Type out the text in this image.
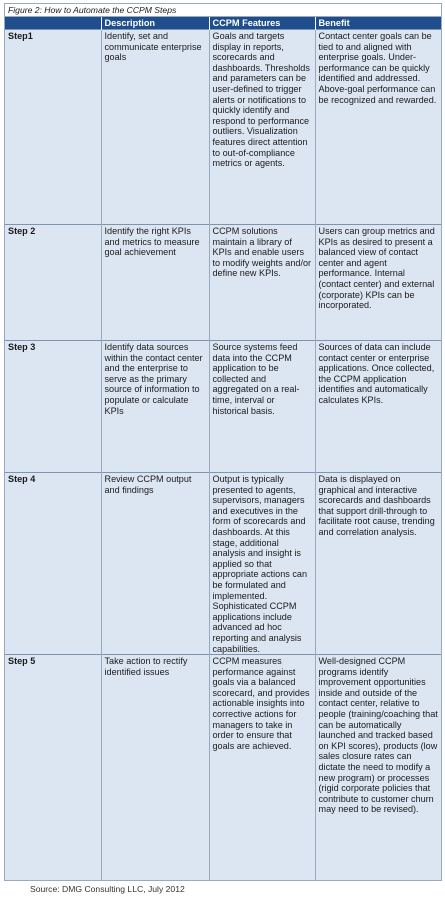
Figure 2: How to Automate the CCPM Steps
	Description	CCPM Features	Benefit
Step1	Identify, set and communicate enterprise goals	Goals and targets display in reports, scorecards and dashboards. Thresholds and parameters can be user-defined to trigger alerts or notifications to quickly identify and respond to performance outliers. Visualization features direct attention to out-of-compliance metrics or agents.	Contact center goals can be tied to and aligned with enterprise goals. Under-performance can be quickly identified and addressed. Above-goal performance can be recognized and rewarded.
Step 2	Identify the right KPIs and metrics to measure goal achievement	CCPM solutions maintain a library of KPIs and enable users to modify weights and/or define new KPIs.	Users can group metrics and KPIs as desired to present a balanced view of contact center and agent performance. Internal (contact center) and external (corporate) KPIs can be incorporated.
Step 3	Identify data sources within the contact center and the enterprise to serve as the primary source of information to populate or calculate KPIs	Source systems feed data into the CCPM application to be collected and aggregated on a real-time, interval or historical basis.	Sources of data can include contact center or enterprise applications. Once collected, the CCPM application identifies and automatically calculates KPIs.
Step 4	Review CCPM output and findings	Output is typically presented to agents, supervisors, managers and executives in the form of scorecards and dashboards. At this stage, additional analysis and insight is applied so that appropriate actions can be formulated and implemented. Sophisticated CCPM applications include advanced ad hoc reporting and analysis capabilities.	Data is displayed on graphical and interactive scorecards and dashboards that support drill-through to facilitate root cause, trending and correlation analysis.
Step 5	Take action to rectify identified issues	CCPM measures performance against goals via a balanced scorecard, and provides actionable insights into corrective actions for managers to take in order to ensure that goals are achieved.	Well-designed CCPM programs identify improvement opportunities inside and outside of the contact center, relative to people (training/coaching that can be automatically launched and tracked based on KPI scores), products (low sales closure rates can dictate the need to modify a new program) or processes (rigid corporate policies that contribute to customer churn may need to be revised).
Source: DMG Consulting LLC, July 2012
